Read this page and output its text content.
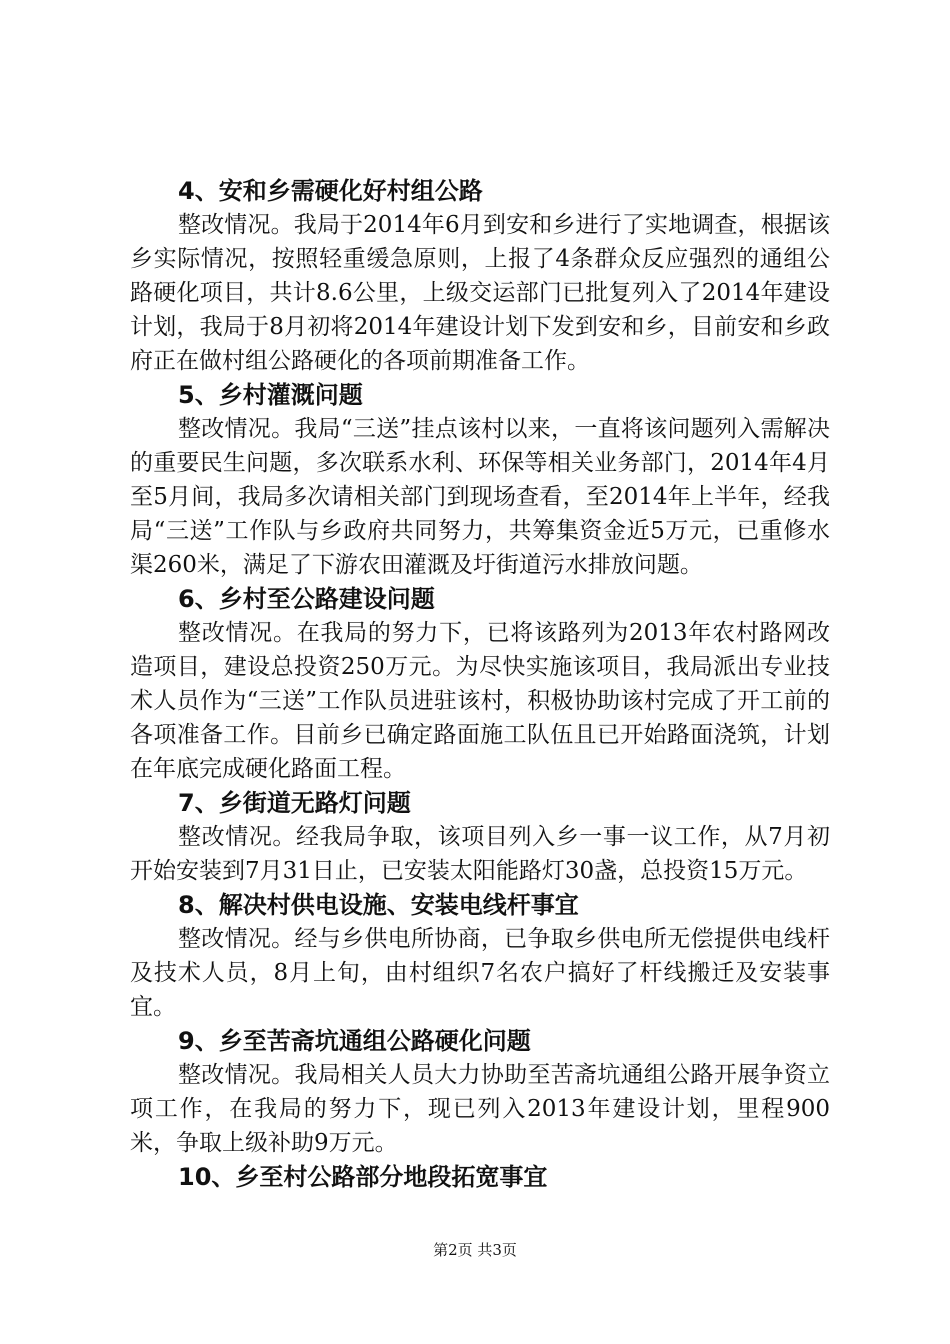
4、安和乡需硬化好村组公路

整改情况。我局于2014年6月到安和乡进行了实地调查，根据该乡实际情况，按照轻重缓急原则，上报了4条群众反应强烈的通组公路硬化项目，共计8.6公里，上级交运部门已批复列入了2014年建设计划，我局于8月初将2014年建设计划下发到安和乡，目前安和乡政府正在做村组公路硬化的各项前期准备工作。

5、乡村灌溉问题

整改情况。我局“三送”挂点该村以来，一直将该问题列入需解决的重要民生问题，多次联系水利、环保等相关业务部门，2014年4月至5月间，我局多次请相关部门到现场查看，至2014年上半年，经我局“三送”工作队与乡政府共同努力，共筹集资金近5万元，已重修水渠260米，满足了下游农田灌溉及圩街道污水排放问题。

6、乡村至公路建设问题

整改情况。在我局的努力下，已将该路列为2013年农村路网改造项目，建设总投资250万元。为尽快实施该项目，我局派出专业技术人员作为“三送”工作队员进驻该村，积极协助该村完成了开工前的各项准备工作。目前乡已确定路面施工队伍且已开始路面浇筑，计划在年底完成硬化路面工程。

7、乡街道无路灯问题

整改情况。经我局争取，该项目列入乡一事一议工作，从7月初开始安装到7月31日止，已安装太阳能路灯30盏，总投资15万元。

8、解决村供电设施、安装电线杆事宜

整改情况。经与乡供电所协商，已争取乡供电所无偿提供电线杆及技术人员，8月上旬，由村组织7名农户搞好了杆线搬迁及安装事宜。

9、乡至苦斋坑通组公路硬化问题

整改情况。我局相关人员大力协助至苦斋坑通组公路开展争资立项工作，在我局的努力下，现已列入2013年建设计划，里程900米，争取上级补助9万元。

10、乡至村公路部分地段拓宽事宜

第2页 共3页
